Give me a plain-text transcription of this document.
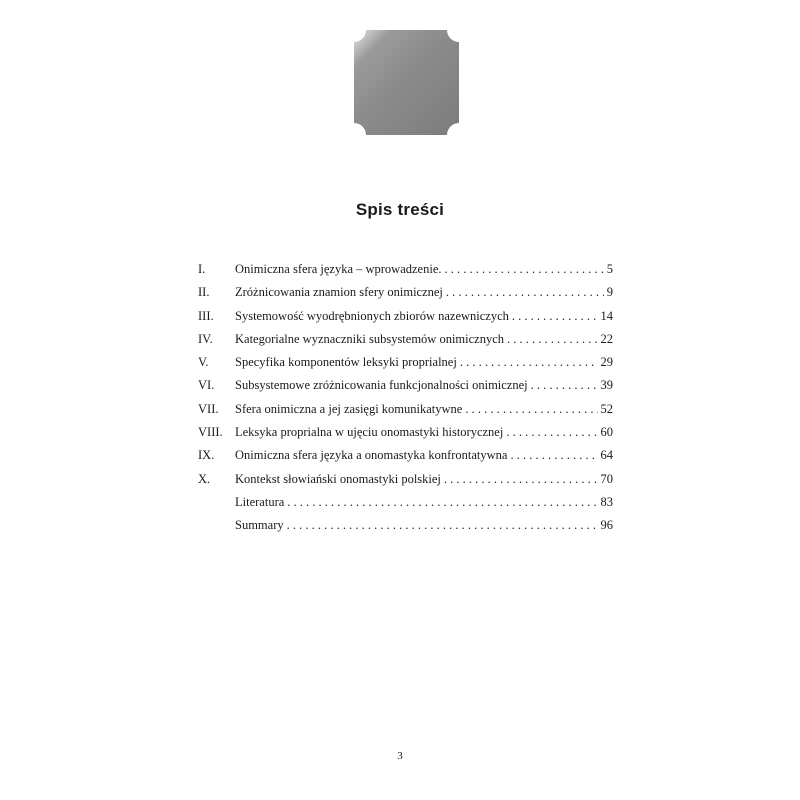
Spis treści
I.	Onimiczna sfera języka – wprowadzenie. . . .	5
II.	Zróżnicowania znamion sfery onimicznej . . .	9
III.	Systemowość wyodrębnionych zbiorów nazewniczych . . .	14
IV.	Kategorialne wyznaczniki subsystemów onimicznych . . .	22
V.	Specyfika komponentów leksyki proprialnej . . .	29
VI.	Subsystemowe zróżnicowania funkcjonalności onimicznej . . .	39
VII.	Sfera onimiczna a jej zasięgi komunikatywne . . .	52
VIII. Leksyka proprialna w ujęciu onomastyki historycznej . . .	60
IX.	Onimiczna sfera języka a onomastyka konfrontatywna . . .	64
X.	Kontekst słowiański onomastyki polskiej . . .	70
Literatura . . .	83
Summary . . .	96
3
